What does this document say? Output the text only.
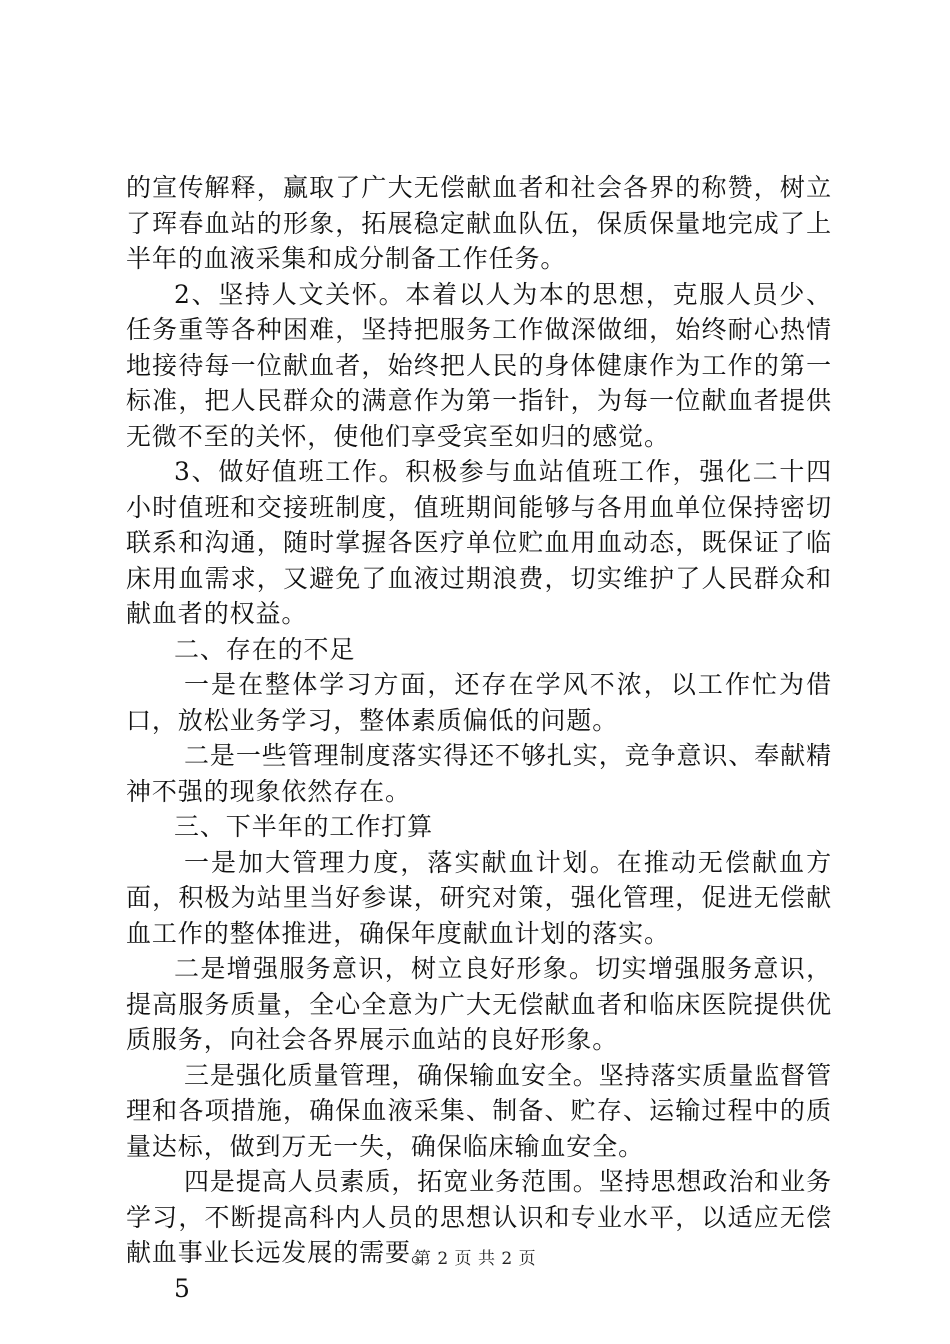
的宣传解释，赢取了广大无偿献血者和社会各界的称赞，树立了珲春血站的形象，拓展稳定献血队伍，保质保量地完成了上半年的血液采集和成分制备工作任务。

2、坚持人文关怀。本着以人为本的思想，克服人员少、任务重等各种困难，坚持把服务工作做深做细，始终耐心热情地接待每一位献血者，始终把人民的身体健康作为工作的第一标准，把人民群众的满意作为第一指针，为每一位献血者提供无微不至的关怀，使他们享受宾至如归的感觉。

3、做好值班工作。积极参与血站值班工作，强化二十四小时值班和交接班制度，值班期间能够与各用血单位保持密切联系和沟通，随时掌握各医疗单位贮血用血动态，既保证了临床用血需求，又避免了血液过期浪费，切实维护了人民群众和献血者的权益。

二、存在的不足

一是在整体学习方面，还存在学风不浓，以工作忙为借口，放松业务学习，整体素质偏低的问题。

二是一些管理制度落实得还不够扎实，竞争意识、奉献精神不强的现象依然存在。

三、下半年的工作打算

一是加大管理力度，落实献血计划。在推动无偿献血方面，积极为站里当好参谋，研究对策，强化管理，促进无偿献血工作的整体推进，确保年度献血计划的落实。

二是增强服务意识，树立良好形象。切实增强服务意识，提高服务质量，全心全意为广大无偿献血者和临床医院提供优质服务，向社会各界展示血站的良好形象。

三是强化质量管理，确保输血安全。坚持落实质量监督管理和各项措施，确保血液采集、制备、贮存、运输过程中的质量达标，做到万无一失，确保临床输血安全。

四是提高人员素质，拓宽业务范围。坚持思想政治和业务学习，不断提高科内人员的思想认识和专业水平，以适应无偿献血事业长远发展的需要。

5

第 2 页 共 2 页
